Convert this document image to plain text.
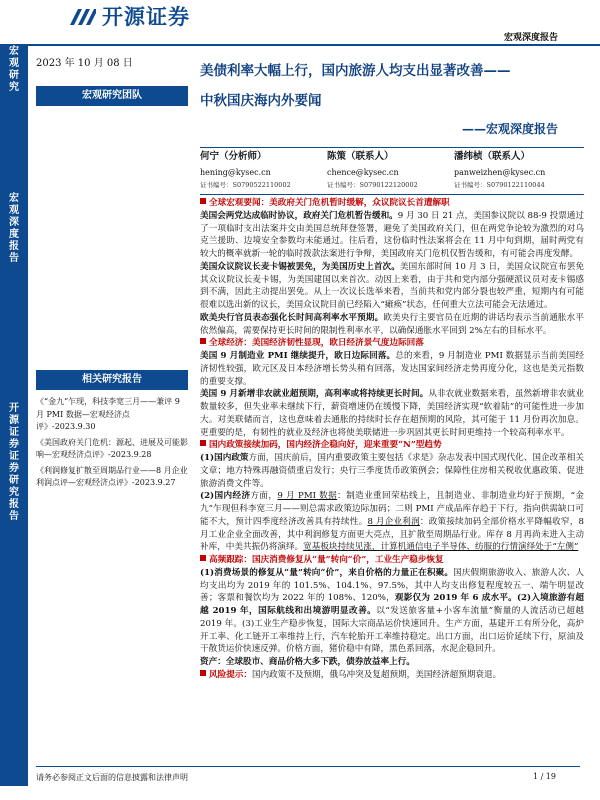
开源证券
宏观深度报告
宏观研究
宏观深度报告
开源证券 证券研究报告
2023 年 10 月 08 日
宏观研究团队
相关研究报告
《“金九”乍现，科技李宽三月——兼评 9 月 PMI 数据—宏观经济点评》-2023.9.30
《美国政府关门危机：源起、进展及可能影响—宏观经济点评》-2023.9.28
《利润修复扩散至周期品行业——8 月企业利润点评—宏观经济点评》-2023.9.27
美债利率大幅上行，国内旅游人均支出显著改善——
中秋国庆海内外要闻
——宏观深度报告
何宁（分析师）
hening@kysec.cn
证书编号：S0790522110002
陈策（联系人）
chence@kysec.cn
证书编号：S0790122120002
潘纬桢（联系人）
panweizhen@kysec.cn
证书编号：S0790122110044

全球宏观要闻：美政府关门危机暂时缓解，众议院议长首遭解职

美国会两党达成临时协议，政府关门危机暂告缓和。9 月 30 日 21 点，美国参议院以 88-9 投票通过了一项临时支出法案并交由美国总统拜登签署，避免了美国政府关门，但在两党争论较为激烈的对乌克兰援助、边境安全参数均未能通过。往后看，这份临时性法案将会在 11 月中旬到期，届时两党有较大的概率就新一轮的临时拨款法案进行争辩，美国政府关门危机仅暂告缓和，有可能会再度发酵。

美国众议院议长麦卡锡被罢免，为美国历史上首次。美国东部时间 10 月 3 日，美国众议院宣布罢免其众议院议长麦卡锡，为美国建国以来首次。动因上来看，由于共和党内部分强硬派议员对麦卡锡感到不满，因此主动提出罢免。从上一次议长选举来看，当前共和党内部分裂也较严重，短期内有可能很难以选出新的议长，美国众议院目前已经陷入“瘫痪”状态，任何重大立法可能会无法通过。

欧美央行官员表态强化长时间高利率水平预期。欧美央行主要官员在近期的讲话均表示当前通胀水平依然偏高，需要保持更长时间的限制性利率水平，以确保通胀水平回到 2%左右的目标水平。

全球经济：美国经济韧性显现，欧日经济景气度边际回落

美国 9 月制造业 PMI 继续提升，欧日边际回落。总的来看，9 月制造业 PMI 数据显示当前美国经济韧性较强，欧元区及日本经济增长势头稍有回落，发达国家间经济走势再度分化，这也是美元指数的重要支撑。

美国 9 月新增非农就业超预期，高利率或将持续更长时间。从非农就业数据来看，虽然新增非农就业数量较多，但失业率未继续下行，薪资增速仍在缓慢下降，美国经济实现“软着陆”的可能性进一步加大。对美联储而言，这也意味着去通胀的持续时长存在超预期的风险，其可能于 11 月份再次加息。更重要的是，有韧性的就业及经济也将使美联储进一步巩固其更长时间更维持一个较高利率水平。

国内政策接续加码，国内经济企稳向好，迎来重要“N”型趋势

(1)国内政策方面，国庆前后，国内重要政策主要包括《求是》杂志发表中国式现代化、国企改革相关文章；地方特殊再融资债重启发行；央行三季度货币政策例会；保障性住房相关税收优惠政策、促进旅游消费文件等。

(2)国内经济方面，9 月 PMI 数据：制造业重回荣枯线上，且制造业、非制造业均好于预期，“金九”乍现但科李宽三月——则总需求政策边际加码；二则 PMI 产成品库存趋于下行，指向供需缺口可能不大，预计四季度经济改善具有持续性。8 月企业利润：政策接续加码全部价格水平降幅收窄，8 月工业企业全面改善，其中利润修复方面更大亮点，且扩散至周期品行业。库存 8 月再尚未进入主动补库，中美共振仍将演绎。宽基板块持续见涨，计算机通信电子半导体、纺服的行情演绎处于“左侧”

高频跟踪：国庆消费修复从“量”转向“价”，工业生产稳步恢复

(1)消费场景的修复从“量”转向“价”，来自价格的力量正在积聚。国庆假期旅游收入、旅游人次、人均支出均为 2019 年的 101.5%、104.1%、97.5%，其中人均支出修复程度较五一、端午明显改善；客票和餐饮均为 2022 年的 108%、120%，观影仅为 2019 年 6 成水平。(2)入境旅游有超越 2019 年，国际航线和出境游明显改善。以“发送旅客量+小客车流量”衡量的人流活动已超越 2019 年。(3)工业生产稳步恢复，国际大宗商品运价快速回升。生产方面，基建开工有所分化，高炉开工率、化工链开工率维持上行，汽车轮胎开工率维持稳定。出口方面，出口运价延续下行，原油及干散货运价快速反弹。价格方面，猪价稳中有降，黑色系回落，水泥企稳回升。

资产：全球股市、商品价格大多下跌，债券放益率上行。

风险提示：国内政策不及预期，俄乌冲突及复超预期，美国经济超预期衰退。

请务必参阅正文后面的信息披露和法律声明	1 / 19
